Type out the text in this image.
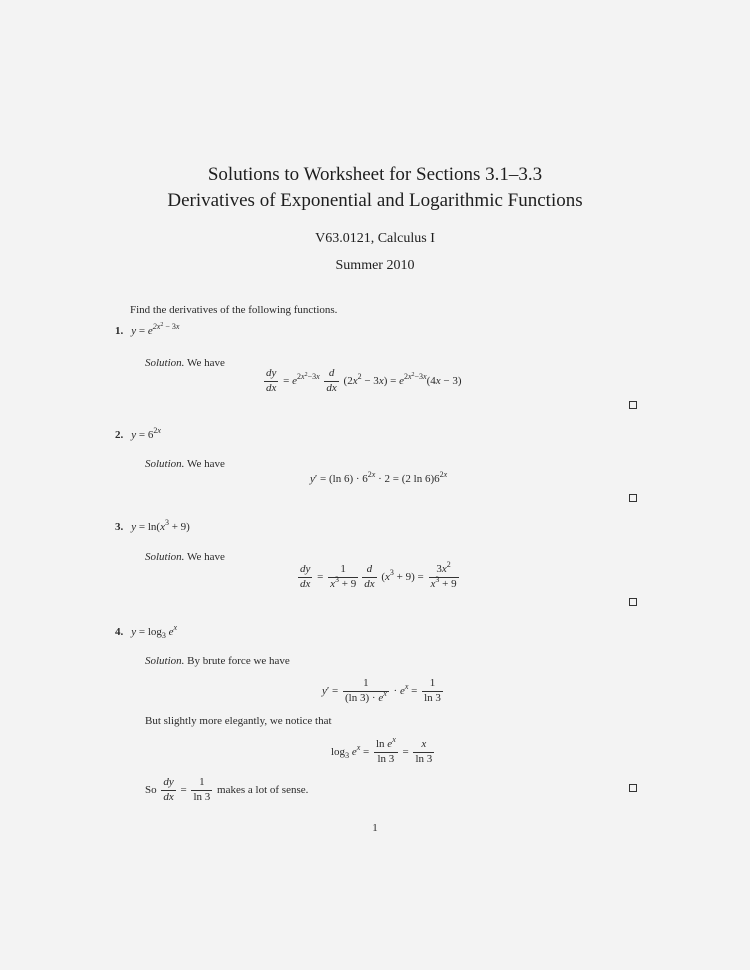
Solutions to Worksheet for Sections 3.1–3.3
Derivatives of Exponential and Logarithmic Functions
V63.0121, Calculus I
Summer 2010
Find the derivatives of the following functions.
1. $y = e^{2x^2 - 3x}$
Solution. We have
$\frac{dy}{dx} = e^{2x^2-3x} \frac{d}{dx} (2x^2 - 3x) = e^{2x^2-3x}(4x - 3)$
2. $y = 6^{2x}$
Solution. We have
y′ = (ln $6) \cdot 6^{2x} \cdot 2 = (2$ $\ln 6)6^{2x}$
3. $y = \ln(x^3 + 9)$
Solution. We have
$\frac{dy}{dx} = \frac{1}{x^3 + 9} \frac{d}{dx} (x^3 + 9) = \frac{3x^2}{x^3 + 9}$
4. $y = \log_3 e^x$
Solution. By brute force we have
$y' = \frac{1}{(\ln 3) \cdot e^x} \cdot e^x = \frac{1}{\ln 3}$
But slightly more elegantly, we notice that
$\log_3 e^x = \frac{\ln e^x}{\ln 3} = \frac{x}{\ln 3}$
So $\frac{dy}{dx} = \frac{1}{\ln 3}$ makes a lot of sense.
1
